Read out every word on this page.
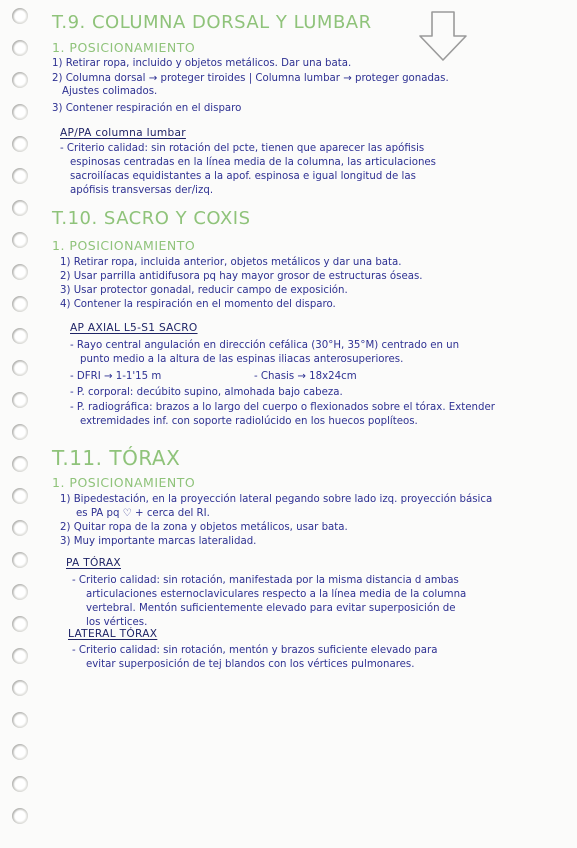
T.9. COLUMNA DORSAL Y LUMBAR
1. POSICIONAMIENTO
1) Retirar ropa, incluido y objetos metálicos. Dar una bata.
2) Columna dorsal → proteger tiroides | Columna lumbar → proteger gonadas.
Ajustes colimados.
3) Contener respiración en el disparo
AP/PA columna lumbar
- Criterio calidad: sin rotación del pcte, tienen que aparecer las apófisis
espinosas centradas en la línea media de la columna, las articulaciones
sacroilíacas equidistantes a la apof. espinosa e igual longitud de las
apófisis transversas der/izq.
T.10. SACRO Y COXIS
1. POSICIONAMIENTO
1) Retirar ropa, incluida anterior, objetos metálicos y dar una bata.
2) Usar parrilla antidifusora pq hay mayor grosor de estructuras óseas.
3) Usar protector gonadal, reducir campo de exposición.
4) Contener la respiración en el momento del disparo.
AP AXIAL L5-S1 SACRO
- Rayo central angulación en dirección cefálica (30°H, 35°M) centrado en un
punto medio a la altura de las espinas iliacas anterosuperiores.
- DFRI → 1-1'15 m	- Chasis → 18x24cm
- P. corporal: decúbito supino, almohada bajo cabeza.
- P. radiográfica: brazos a lo largo del cuerpo o flexionados sobre el tórax. Extender
extremidades inf. con soporte radiolúcido en los huecos poplíteos.
T.11. TÓRAX
1. POSICIONAMIENTO
1) Bipedestación, en la proyección lateral pegando sobre lado izq. proyección básica
es PA pq ♡ + cerca del RI.
2) Quitar ropa de la zona y objetos metálicos, usar bata.
3) Muy importante marcas lateralidad.
PA TÓRAX
- Criterio calidad: sin rotación, manifestada por la misma distancia d ambas
articulaciones esternoclaviculares respecto a la línea media de la columna
vertebral. Mentón suficientemente elevado para evitar superposición de
los vértices.
LATERAL TÓRAX
- Criterio calidad: sin rotación, mentón y brazos suficiente elevado para
evitar superposición de tej blandos con los vértices pulmonares.
